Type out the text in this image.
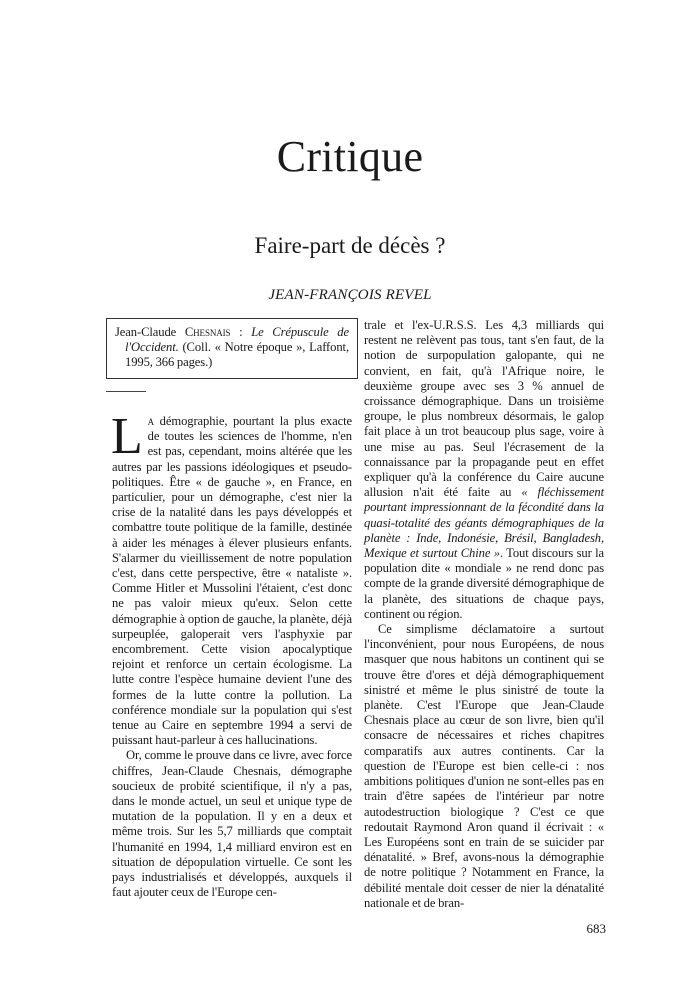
Critique
Faire-part de décès ?
JEAN-FRANÇOIS REVEL
Jean-Claude Chesnais : Le Crépuscule de l'Occident. (Coll. « Notre époque », Laffont, 1995, 366 pages.)

La démographie, pourtant la plus exacte de toutes les sciences de l'homme, n'en est pas, cependant, moins altérée que les autres par les passions idéologiques et pseudo-politiques. Être « de gauche », en France, en particulier, pour un démographe, c'est nier la crise de la natalité dans les pays développés et combattre toute politique de la famille, destinée à aider les ménages à élever plusieurs enfants. S'alarmer du vieillissement de notre population c'est, dans cette perspective, être « nataliste ». Comme Hitler et Mussolini l'étaient, c'est donc ne pas valoir mieux qu'eux. Selon cette démographie à option de gauche, la planète, déjà surpeuplée, galoperait vers l'asphyxie par encombrement. Cette vision apocalyptique rejoint et renforce un certain écologisme. La lutte contre l'espèce humaine devient l'une des formes de la lutte contre la pollution. La conférence mondiale sur la population qui s'est tenue au Caire en septembre 1994 a servi de puissant haut-parleur à ces hallucinations.

Or, comme le prouve dans ce livre, avec force chiffres, Jean-Claude Chesnais, démographe soucieux de probité scientifique, il n'y a pas, dans le monde actuel, un seul et unique type de mutation de la population. Il y en a deux et même trois. Sur les 5,7 milliards que comptait l'humanité en 1994, 1,4 milliard environ est en situation de dépopulation virtuelle. Ce sont les pays industrialisés et développés, auxquels il faut ajouter ceux de l'Europe cen-

trale et l'ex-U.R.S.S. Les 4,3 milliards qui restent ne relèvent pas tous, tant s'en faut, de la notion de surpopulation galopante, qui ne convient, en fait, qu'à l'Afrique noire, le deuxième groupe avec ses 3 % annuel de croissance démographique. Dans un troisième groupe, le plus nombreux désormais, le galop fait place à un trot beaucoup plus sage, voire à une mise au pas. Seul l'écrasement de la connaissance par la propagande peut en effet expliquer qu'à la conférence du Caire aucune allusion n'ait été faite au « fléchissement pourtant impressionnant de la fécondité dans la quasi-totalité des géants démographiques de la planète : Inde, Indonésie, Brésil, Bangladesh, Mexique et surtout Chine ». Tout discours sur la population dite « mondiale » ne rend donc pas compte de la grande diversité démographique de la planète, des situations de chaque pays, continent ou région.

Ce simplisme déclamatoire a surtout l'inconvénient, pour nous Européens, de nous masquer que nous habitons un continent qui se trouve être d'ores et déjà démographiquement sinistré et même le plus sinistré de toute la planète. C'est l'Europe que Jean-Claude Chesnais place au cœur de son livre, bien qu'il consacre de nécessaires et riches chapitres comparatifs aux autres continents. Car la question de l'Europe est bien celle-ci : nos ambitions politiques d'union ne sont-elles pas en train d'être sapées de l'intérieur par notre autodestruction biologique ? C'est ce que redoutait Raymond Aron quand il écrivait : « Les Européens sont en train de se suicider par dénatalité. » Bref, avons-nous la démographie de notre politique ? Notamment en France, la débilité mentale doit cesser de nier la dénatalité nationale et de bran-

683
